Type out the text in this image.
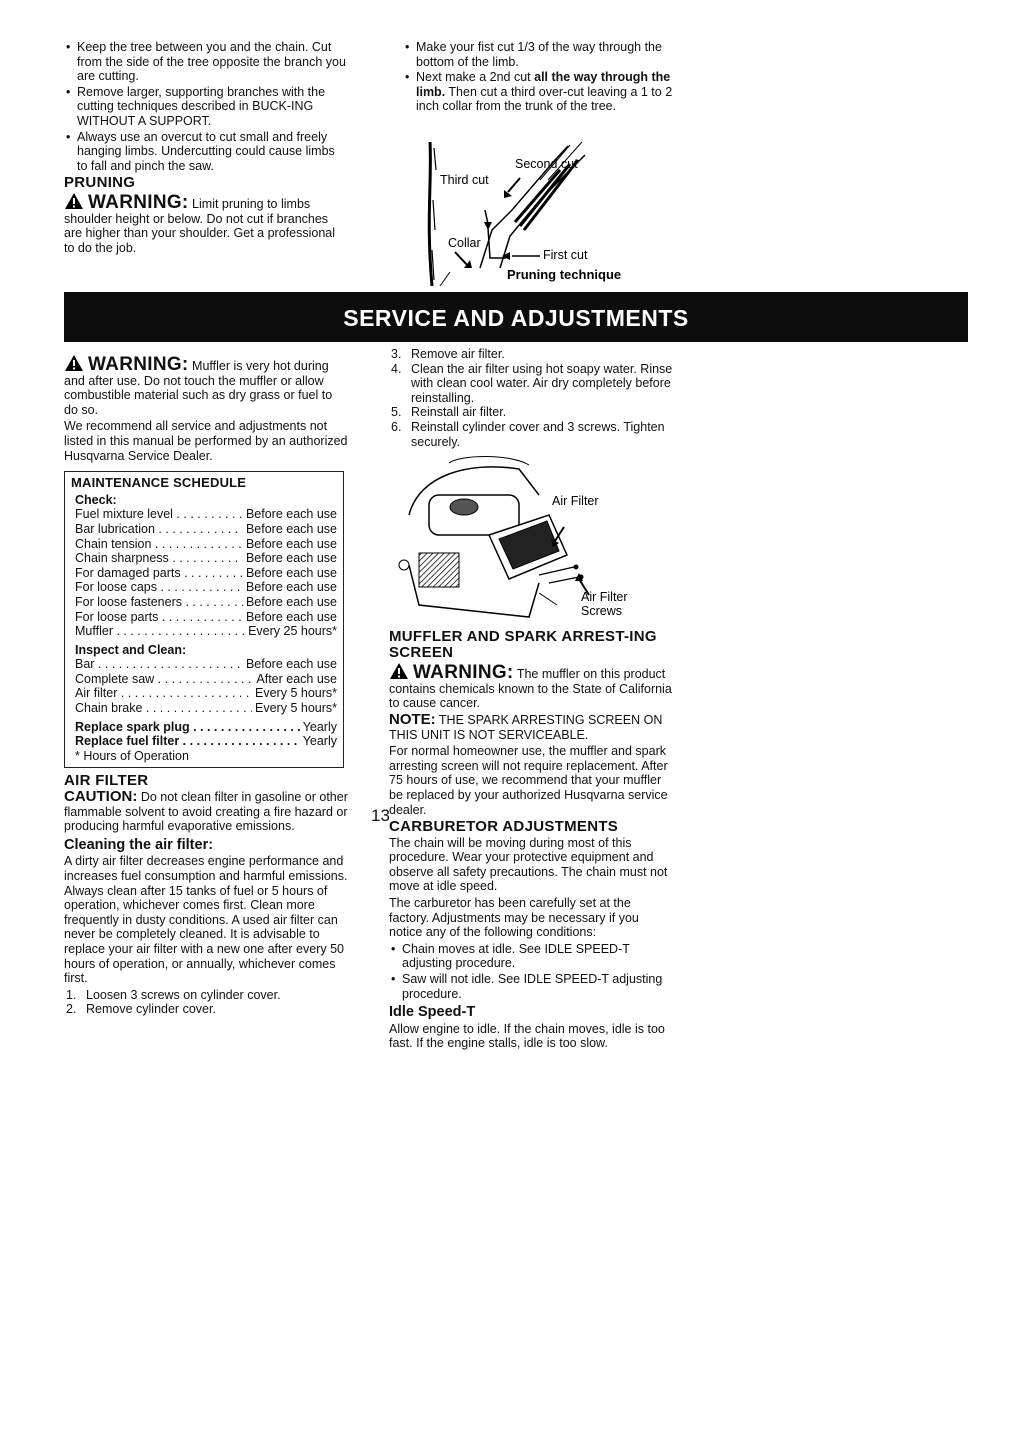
• Keep the tree between you and the chain. Cut from the side of the tree opposite the branch you are cutting.
• Remove larger, supporting branches with the cutting techniques described in BUCK-ING WITHOUT A SUPPORT.
• Always use an overcut to cut small and freely hanging limbs. Undercutting could cause limbs to fall and pinch the saw.
PRUNING

WARNING: Limit pruning to limbs shoulder height or below. Do not cut if branches are higher than your shoulder. Get a professional to do the job.

• Make your fist cut 1/3 of the way through the bottom of the limb.
• Next make a 2nd cut all the way through the limb. Then cut a third over-cut leaving a 1 to 2 inch collar from the trunk of the tree.
Second cut
Third cut
Collar
First cut
Pruning technique
SERVICE AND ADJUSTMENTS

WARNING: Muffler is very hot during and after use. Do not touch the muffler or allow combustible material such as dry grass or fuel to do so.

We recommend all service and adjustments not listed in this manual be performed by an authorized Husqvarna Service Dealer.

MAINTENANCE SCHEDULE
Check:
Fuel mixture level . . .	Before each use
Bar lubrication . . .	Before each use
Chain tension . . .	Before each use
Chain sharpness . . .	Before each use
For damaged parts . . .	Before each use
For loose caps . . .	Before each use
For loose fasteners . . .	Before each use
For loose parts . . .	Before each use
Muffler . . .	Every 25 hours*
Inspect and Clean:
Bar . . .	Before each use
Complete saw . . .	After each use
Air filter . . .	Every 5 hours*
Chain brake . . .	Every 5 hours*
Replace spark plug . . .	Yearly
Replace fuel filter . . .	Yearly
* Hours of Operation
AIR FILTER

CAUTION: Do not clean filter in gasoline or other flammable solvent to avoid creating a fire hazard or producing harmful evaporative emissions.

Cleaning the air filter:

A dirty air filter decreases engine performance and increases fuel consumption and harmful emissions. Always clean after 15 tanks of fuel or 5 hours of operation, whichever comes first. Clean more frequently in dusty conditions. A used air filter can never be completely cleaned. It is advisable to replace your air filter with a new one after every 50 hours of operation, or annually, whichever comes first.

1. Loosen 3 screws on cylinder cover.
2. Remove cylinder cover.
3. Remove air filter.
4. Clean the air filter using hot soapy water. Rinse with clean cool water. Air dry completely before reinstalling.
5. Reinstall air filter.
6. Reinstall cylinder cover and 3 screws. Tighten securely.
Air Filter
Air Filter
Screws
MUFFLER AND SPARK ARREST-ING SCREEN

WARNING: The muffler on this product contains chemicals known to the State of California to cause cancer.

NOTE: THE SPARK ARRESTING SCREEN ON THIS UNIT IS NOT SERVICEABLE.

For normal homeowner use, the muffler and spark arresting screen will not require replacement. After 75 hours of use, we recommend that your muffler be replaced by your authorized Husqvarna service dealer.

CARBURETOR ADJUSTMENTS

The chain will be moving during most of this procedure. Wear your protective equipment and observe all safety precautions. The chain must not move at idle speed.

The carburetor has been carefully set at the factory. Adjustments may be necessary if you notice any of the following conditions:

• Chain moves at idle. See IDLE SPEED-T adjusting procedure.
• Saw will not idle. See IDLE SPEED-T adjusting procedure.
Idle Speed-T

Allow engine to idle. If the chain moves, idle is too fast. If the engine stalls, idle is too slow.

13
